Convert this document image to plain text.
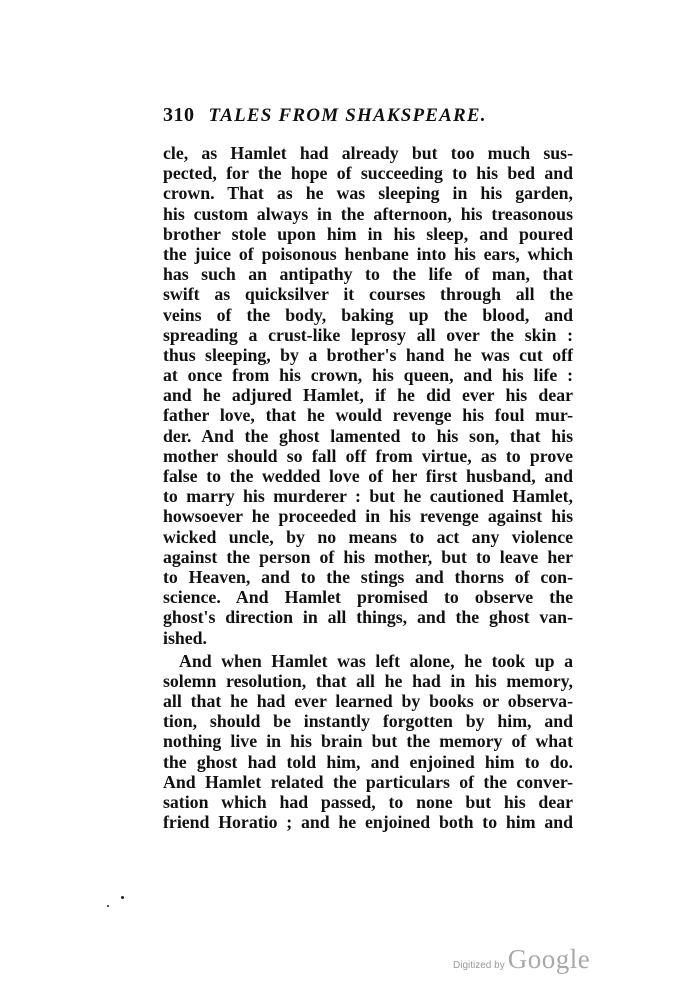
310 TALES FROM SHAKSPEARE.
cle, as Hamlet had already but too much sus-
pected, for the hope of succeeding to his bed and
crown. That as he was sleeping in his garden,
his custom always in the afternoon, his treasonous
brother stole upon him in his sleep, and poured
the juice of poisonous henbane into his ears, which
has such an antipathy to the life of man, that
swift as quicksilver it courses through all the
veins of the body, baking up the blood, and
spreading a crust-like leprosy all over the skin :
thus sleeping, by a brother's hand he was cut off
at once from his crown, his queen, and his life :
and he adjured Hamlet, if he did ever his dear
father love, that he would revenge his foul mur-
der. And the ghost lamented to his son, that his
mother should so fall off from virtue, as to prove
false to the wedded love of her first husband, and
to marry his murderer : but he cautioned Hamlet,
howsoever he proceeded in his revenge against his
wicked uncle, by no means to act any violence
against the person of his mother, but to leave her
to Heaven, and to the stings and thorns of con-
science. And Hamlet promised to observe the
ghost's direction in all things, and the ghost van-
ished.
And when Hamlet was left alone, he took up a
solemn resolution, that all he had in his memory,
all that he had ever learned by books or observa-
tion, should be instantly forgotten by him, and
nothing live in his brain but the memory of what
the ghost had told him, and enjoined him to do.
And Hamlet related the particulars of the conver-
sation which had passed, to none but his dear
friend Horatio ; and he enjoined both to him and
Digitized by Google
